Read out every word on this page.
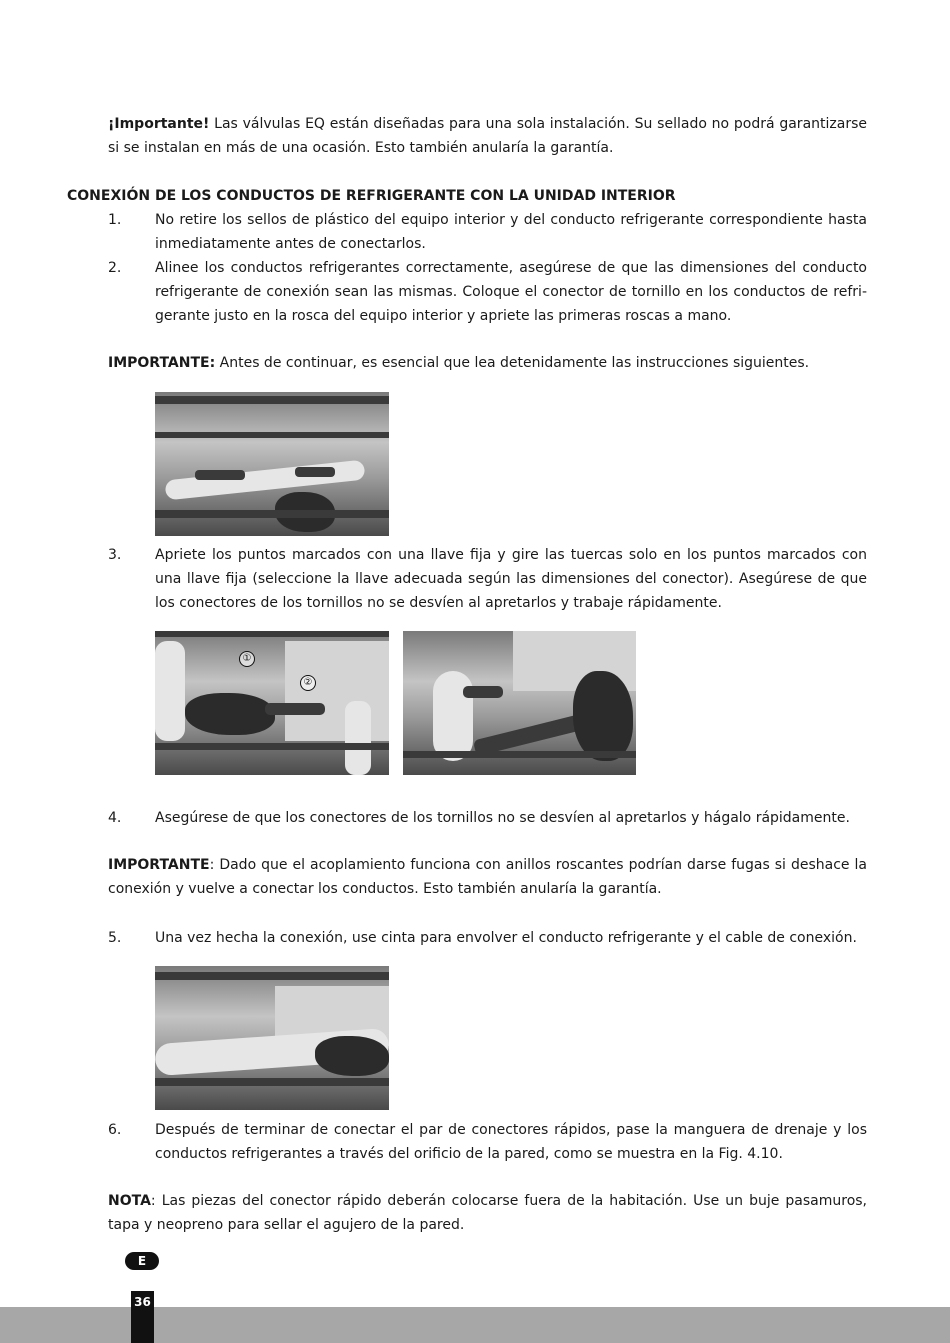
¡Importante! Las válvulas EQ están diseñadas para una sola instalación. Su sellado no podrá garantizarse si se instalan en más de una ocasión. Esto también anularía la garantía.

CONEXIÓN DE LOS CONDUCTOS DE REFRIGERANTE CON LA UNIDAD INTERIOR
1. No retire los sellos de plástico del equipo interior y del conducto refrigerante correspondiente hasta inmediatamente antes de conectarlos.
2. Alinee los conductos refrigerantes correctamente, asegúrese de que las dimensiones del conducto refrigerante de conexión sean las mismas. Coloque el conector de tornillo en los conductos de refri-gerante justo en la rosca del equipo interior y apriete las primeras roscas a mano.

IMPORTANTE: Antes de continuar, es esencial que lea detenidamente las instrucciones siguientes.

3. Apriete los puntos marcados con una llave fija y gire las tuercas solo en los puntos marcados con una llave fija (seleccione la llave adecuada según las dimensiones del conector). Asegúrese de que los conectores de los tornillos no se desvíen al apretarlos y trabaje rápidamente.
①
②
4. Asegúrese de que los conectores de los tornillos no se desvíen al apretarlos y hágalo rápidamente.

IMPORTANTE: Dado que el acoplamiento funciona con anillos roscantes podrían darse fugas si deshace la conexión y vuelve a conectar los conductos. Esto también anularía la garantía.

5. Una vez hecha la conexión, use cinta para envolver el conducto refrigerante y el cable de conexión.
6. Después de terminar de conectar el par de conectores rápidos, pase la manguera de drenaje y los conductos refrigerantes a través del orificio de la pared, como se muestra en la Fig. 4.10.

NOTA: Las piezas del conector rápido deberán colocarse fuera de la habitación. Use un buje pasamuros, tapa y neopreno para sellar el agujero de la pared.

E
36
